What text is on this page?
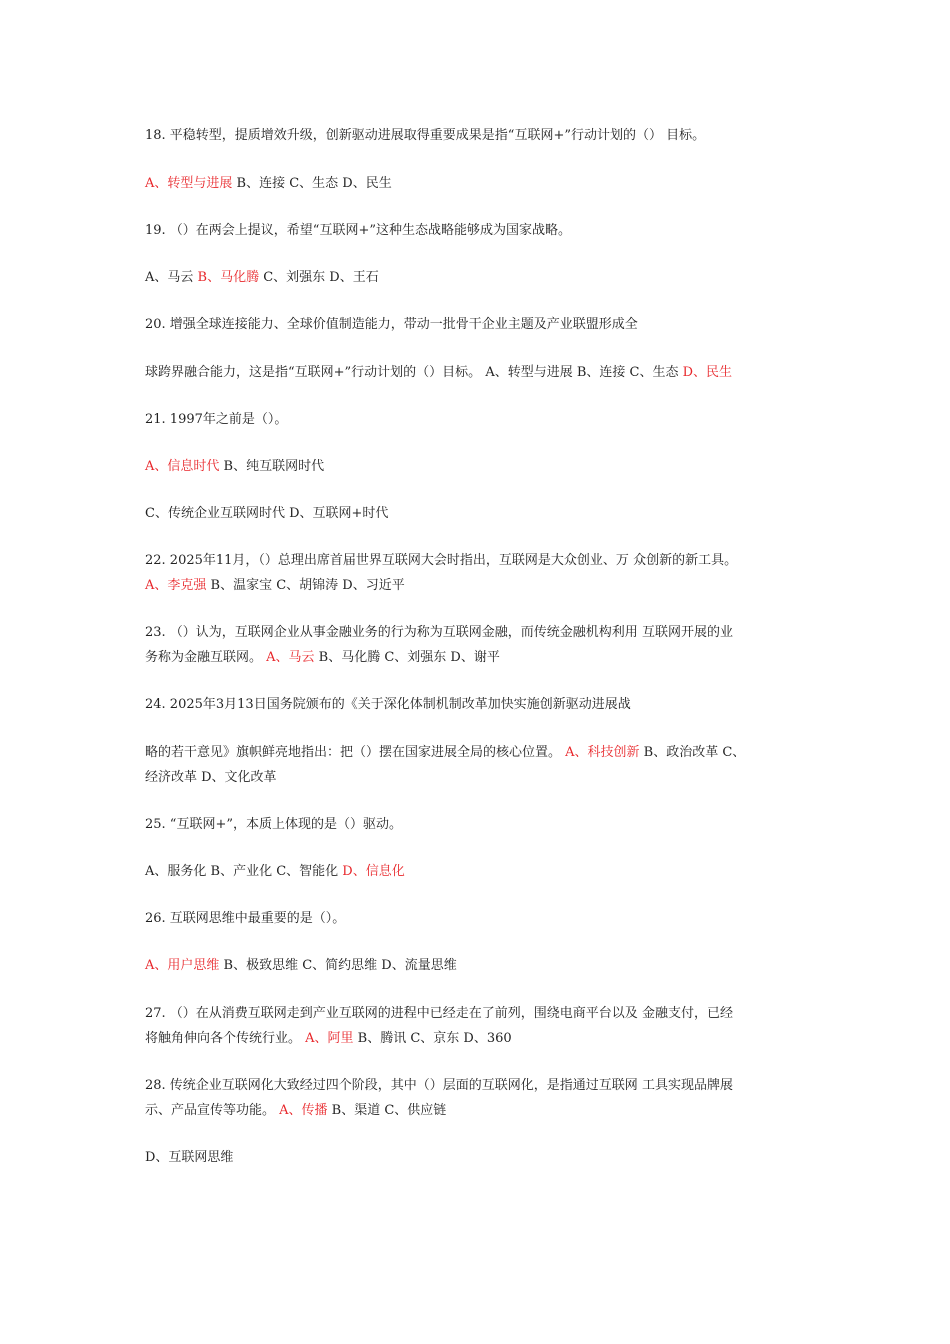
18. 平稳转型，提质增效升级，创新驱动进展取得重要成果是指“互联网+”行动计划的（） 目标。
A、转型与进展 B、连接 C、生态 D、民生
19. （）在两会上提议，希望“互联网+”这种生态战略能够成为国家战略。
A、马云 B、马化腾 C、刘强东 D、王石
20. 增强全球连接能力、全球价值制造能力，带动一批骨干企业主题及产业联盟形成全
球跨界融合能力，这是指“互联网+”行动计划的（）目标。 A、转型与进展 B、连接 C、生态 D、民生
21. 1997年之前是（）。
A、信息时代 B、纯互联网时代
C、传统企业互联网时代 D、互联网+时代
22. 2025年11月，（）总理出席首届世界互联网大会时指出，互联网是大众创业、万 众创新的新工具。
A、李克强 B、温家宝 C、胡锦涛 D、习近平
23. （）认为，互联网企业从事金融业务的行为称为互联网金融，而传统金融机构利用 互联网开展的业
务称为金融互联网。 A、马云 B、马化腾 C、刘强东 D、谢平
24. 2025年3月13日国务院颁布的《关于深化体制机制改革加快实施创新驱动进展战
略的若干意见》旗帜鲜亮地指出：把（）摆在国家进展全局的核心位置。 A、科技创新 B、政治改革 C、
经济改革 D、文化改革
25. “互联网+”，本质上体现的是（）驱动。
A、服务化 B、产业化 C、智能化 D、信息化
26. 互联网思维中最重要的是（）。
A、用户思维 B、极致思维 C、简约思维 D、流量思维
27. （）在从消费互联网走到产业互联网的进程中已经走在了前列，围绕电商平台以及 金融支付，已经
将触角伸向各个传统行业。 A、阿里 B、腾讯 C、京东 D、360
28. 传统企业互联网化大致经过四个阶段，其中（）层面的互联网化，是指通过互联网 工具实现品牌展
示、产品宣传等功能。 A、传播 B、渠道 C、供应链
D、互联网思维
